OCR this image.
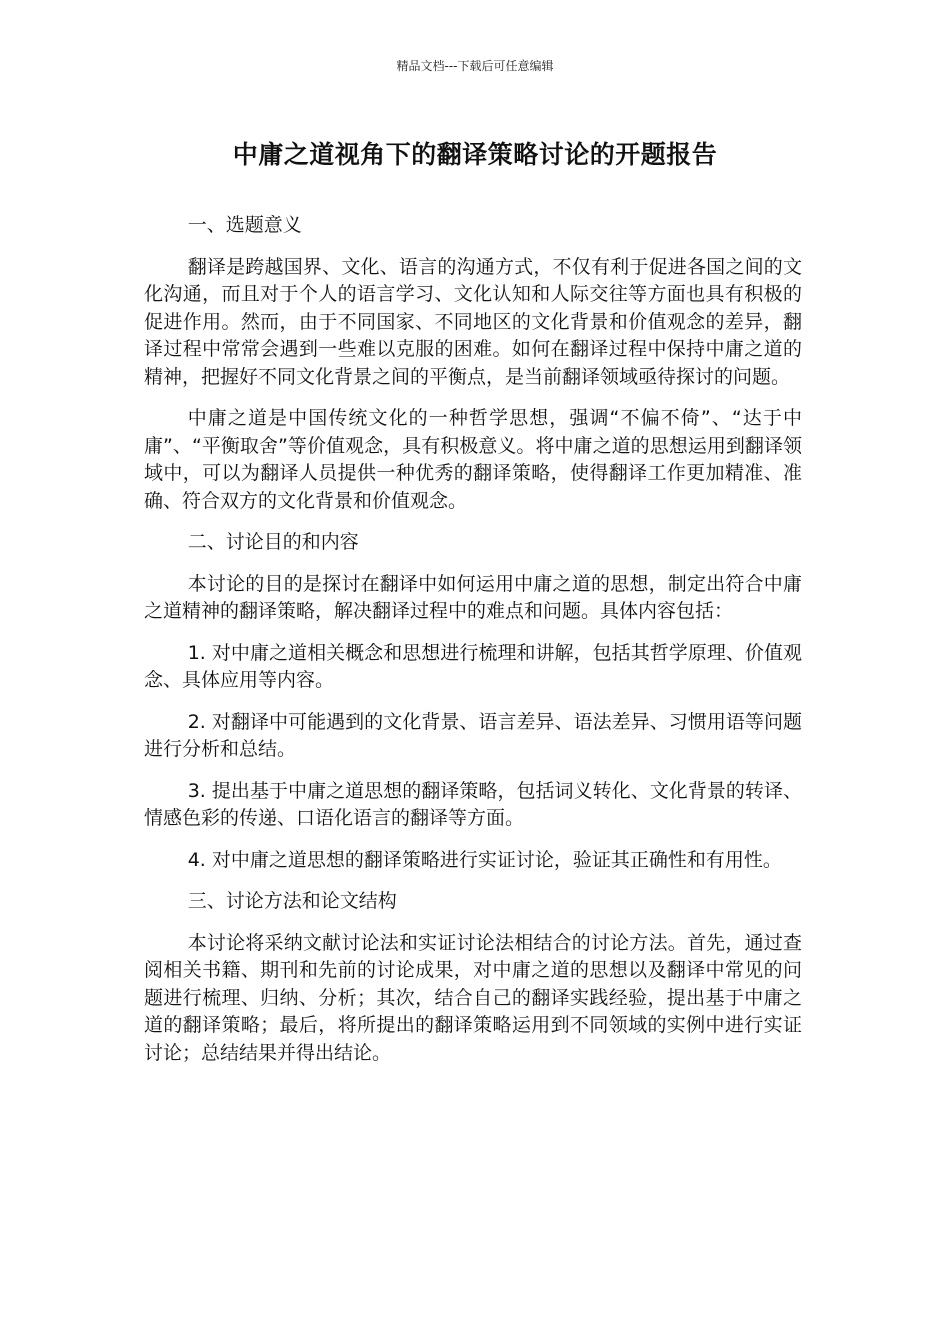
精品文档---下载后可任意编辑
中庸之道视角下的翻译策略讨论的开题报告

一、选题意义

翻译是跨越国界、文化、语言的沟通方式，不仅有利于促进各国之间的文化沟通，而且对于个人的语言学习、文化认知和人际交往等方面也具有积极的促进作用。然而，由于不同国家、不同地区的文化背景和价值观念的差异，翻译过程中常常会遇到一些难以克服的困难。如何在翻译过程中保持中庸之道的精神，把握好不同文化背景之间的平衡点，是当前翻译领域亟待探讨的问题。

中庸之道是中国传统文化的一种哲学思想，强调“不偏不倚”、“达于中庸”、“平衡取舍”等价值观念，具有积极意义。将中庸之道的思想运用到翻译领域中，可以为翻译人员提供一种优秀的翻译策略，使得翻译工作更加精准、准确、符合双方的文化背景和价值观念。

二、讨论目的和内容

本讨论的目的是探讨在翻译中如何运用中庸之道的思想，制定出符合中庸之道精神的翻译策略，解决翻译过程中的难点和问题。具体内容包括：

1. 对中庸之道相关概念和思想进行梳理和讲解，包括其哲学原理、价值观念、具体应用等内容。

2. 对翻译中可能遇到的文化背景、语言差异、语法差异、习惯用语等问题进行分析和总结。

3. 提出基于中庸之道思想的翻译策略，包括词义转化、文化背景的转译、情感色彩的传递、口语化语言的翻译等方面。

4. 对中庸之道思想的翻译策略进行实证讨论，验证其正确性和有用性。

三、讨论方法和论文结构

本讨论将采纳文献讨论法和实证讨论法相结合的讨论方法。首先，通过查阅相关书籍、期刊和先前的讨论成果，对中庸之道的思想以及翻译中常见的问题进行梳理、归纳、分析；其次，结合自己的翻译实践经验，提出基于中庸之道的翻译策略；最后，将所提出的翻译策略运用到不同领域的实例中进行实证讨论；总结结果并得出结论。
